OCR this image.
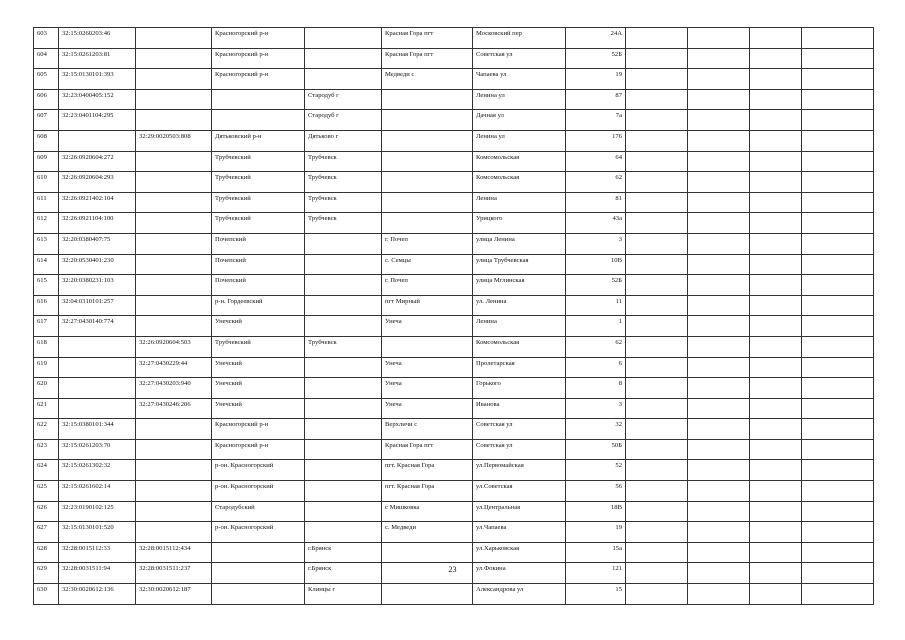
603	32:15:0260203:46		Красногорский р-н		Красная Гора пгт	Московский пер	24А				
604	32:15:0261203:81		Красногорский р-н		Красная Гора пгт	Советская ул	52Б				
605	32:15:0130101:393		Красногорский р-н		Медведи с	Чапаева ул	19				
606	32:23:0400405:152			Стародуб г		Ленина ул	87				
607	32:23:0401104:295			Стародуб г		Дачная ул	7а				
608		32:29:0020503:808	Дятьковский р-н	Дятьково г		Ленина ул	176				
609	32:26:0920604:272		Трубчевский	Трубчевск		Комсомольская	64				
610	32:26:0920604:293		Трубчевский	Трубчевск		Комсомольская	62				
611	32:26:0921402:104		Трубчевский	Трубчевск		Ленина	81				
612	32:26:0921104:100		Трубчевский	Трубчевск		Урицкого	43а				
613	32:20:0380407:75		Почепский		г. Почеп	улица Ленина	3				
614	32:20:0530401:230		Почепский		с. Семцы	улица Трубчевская	10В				
615	32:20:0380231:103		Почепский		г. Почеп	улица Мглинская	52Б				
616	32:04:0310101:257		р-н. Гордеевский		пгт Мирный	ул. Ленина	11				
617	32:27:0430140:774		Унечский		Унеча	Ленина	1				
618		32:26:0920604:503	Трубчевский	Трубчевск		Комсомольская	62				
619		32:27:0430229:44	Унечский		Унеча	Пролетарская	6				
620		32:27:0430203:940	Унечский		Унеча	Горького	8				
621		32:27:0430246:206	Унечский		Унеча	Иванова	3				
622	32:15:0380101:344		Красногорский р-н		Верхличи с	Советская ул	32				
623	32:15:0261203:70		Красногорский р-н		Красная Гора пгт	Советская ул	50Б				
624	32:15:0261302:32		р-он. Красногорский		пгт. Красная Гора	ул.Первомайская	52				
625	32:15:0261602:14		р-он. Красногорский		пгт. Красная Гора	ул.Советская	56				
626	32:23:0190102:125		Стародубский		с Мишковка	ул.Центральная	18В				
627	32:15:0130101:520		р-он. Красногорский		с. Медведи	ул.Чапаева	19				
628	32:28:0015112:33	32:28:0015112:434		г.Брянск		ул.Харьковская	15а				
629	32:28:0031511:94	32:28:0031511:237		г.Брянск		ул.Фокина	121				
630	32:30:0020612:136	32:30:0020612:187		Клинцы г		Александрова ул	15				
23
